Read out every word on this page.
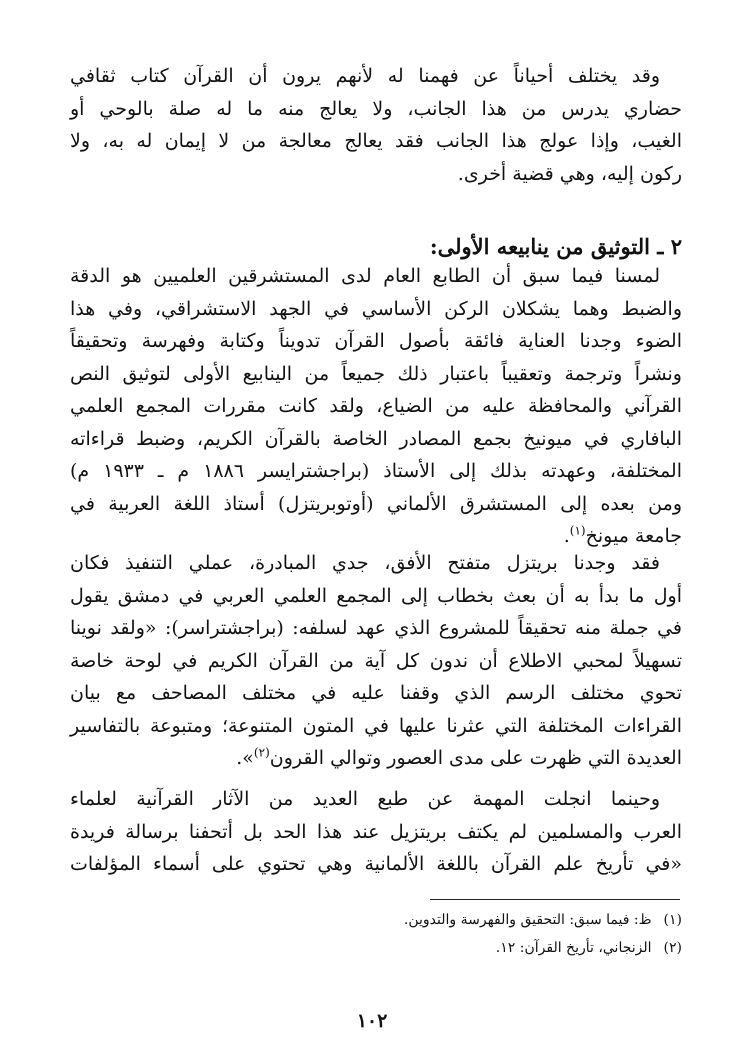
وقد يختلف أحياناً عن فهمنا له لأنهم يرون أن القرآن كتاب ثقافي
حضاري يدرس من هذا الجانب، ولا يعالج منه ما له صلة بالوحي أو
الغيب، وإذا عولج هذا الجانب فقد يعالج معالجة من لا إيمان له به، ولا
ركون إليه، وهي قضية أخرى.

٢ ـ التوثيق من ينابيعه الأولى:

لمسنا فيما سبق أن الطابع العام لدى المستشرقين العلميين هو الدقة
والضبط وهما يشكلان الركن الأساسي في الجهد الاستشراقي، وفي هذا
الضوء وجدنا العناية فائقة بأصول القرآن تدويناً وكتابة وفهرسة وتحقيقاً
ونشراً وترجمة وتعقيباً باعتبار ذلك جميعاً من الينابيع الأولى لتوثيق النص
القرآني والمحافظة عليه من الضياع، ولقد كانت مقررات المجمع العلمي
البافاري في ميونيخ بجمع المصادر الخاصة بالقرآن الكريم، وضبط قراءاته
المختلفة، وعهدته بذلك إلى الأستاذ (براجشترايسر ١٨٨٦ م ـ ١٩٣٣ م)
ومن بعده إلى المستشرق الألماني (أوتوبريتزل) أستاذ اللغة العربية في
جامعة ميونخ$^{(١)}$.

فقد وجدنا بريتزل متفتح الأفق، جدي المبادرة، عملي التنفيذ فكان
أول ما بدأ به أن بعث بخطاب إلى المجمع العلمي العربي في دمشق يقول
في جملة منه تحقيقاً للمشروع الذي عهد لسلفه: (براجشتراسر): «ولقد نوينا
تسهيلاً لمحبي الاطلاع أن ندون كل آية من القرآن الكريم في لوحة خاصة
تحوي مختلف الرسم الذي وقفنا عليه في مختلف المصاحف مع بيان
القراءات المختلفة التي عثرنا عليها في المتون المتنوعة؛ ومتبوعة بالتفاسير
العديدة التي ظهرت على مدى العصور وتوالي القرون$^{(٢)}$».

وحينما انجلت المهمة عن طبع العديد من الآثار القرآنية لعلماء
العرب والمسلمين لم يكتف بريتزيل عند هذا الحد بل أتحفنا برسالة فريدة
«في تأريخ علم القرآن باللغة الألمانية وهي تحتوي على أسماء المؤلفات

(١)ظ: فيما سبق: التحقيق والفهرسة والتدوين.
(٢)الزنجاني، تأريخ القرآن: ١٢.
١٠٢
